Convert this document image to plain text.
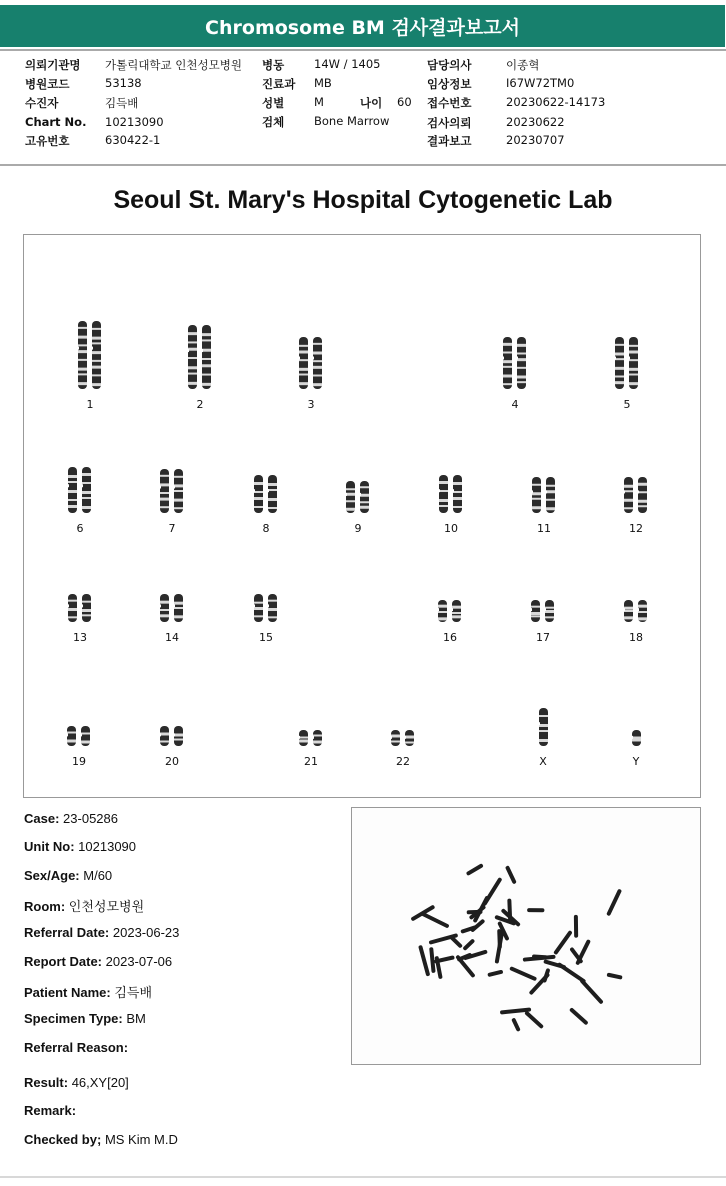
Chromosome BM 검사결과보고서
의뢰기관명 가톨릭대학교 인천성모병원
병원코드	53138
수진자	김득배
Chart No. 10213090
고유번호	630422-1
병동	14W / 1405
진료과 MB
성별	M	나이 60
검체	Bone Marrow
담당의사	이종혁
임상정보	I67W72TM0
접수번호	20230622-14173
검사의뢰	20230622
결과보고	20230707
Seoul St. Mary's Hospital Cytogenetic Lab
1	2	3	4	5
6	7	8	9	10	11	12
13	14	15	16	17	18
19	20	21	22	X	Y
Case: 23-05286
Unit No: 10213090
Sex/Age: M/60
Room: 인천성모병원
Referral Date: 2023-06-23
Report Date: 2023-07-06
Patient Name: 김득배
Specimen Type: BM
Referral Reason:
Result: 46,XY[20]
Remark:
Checked by; MS Kim M.D
